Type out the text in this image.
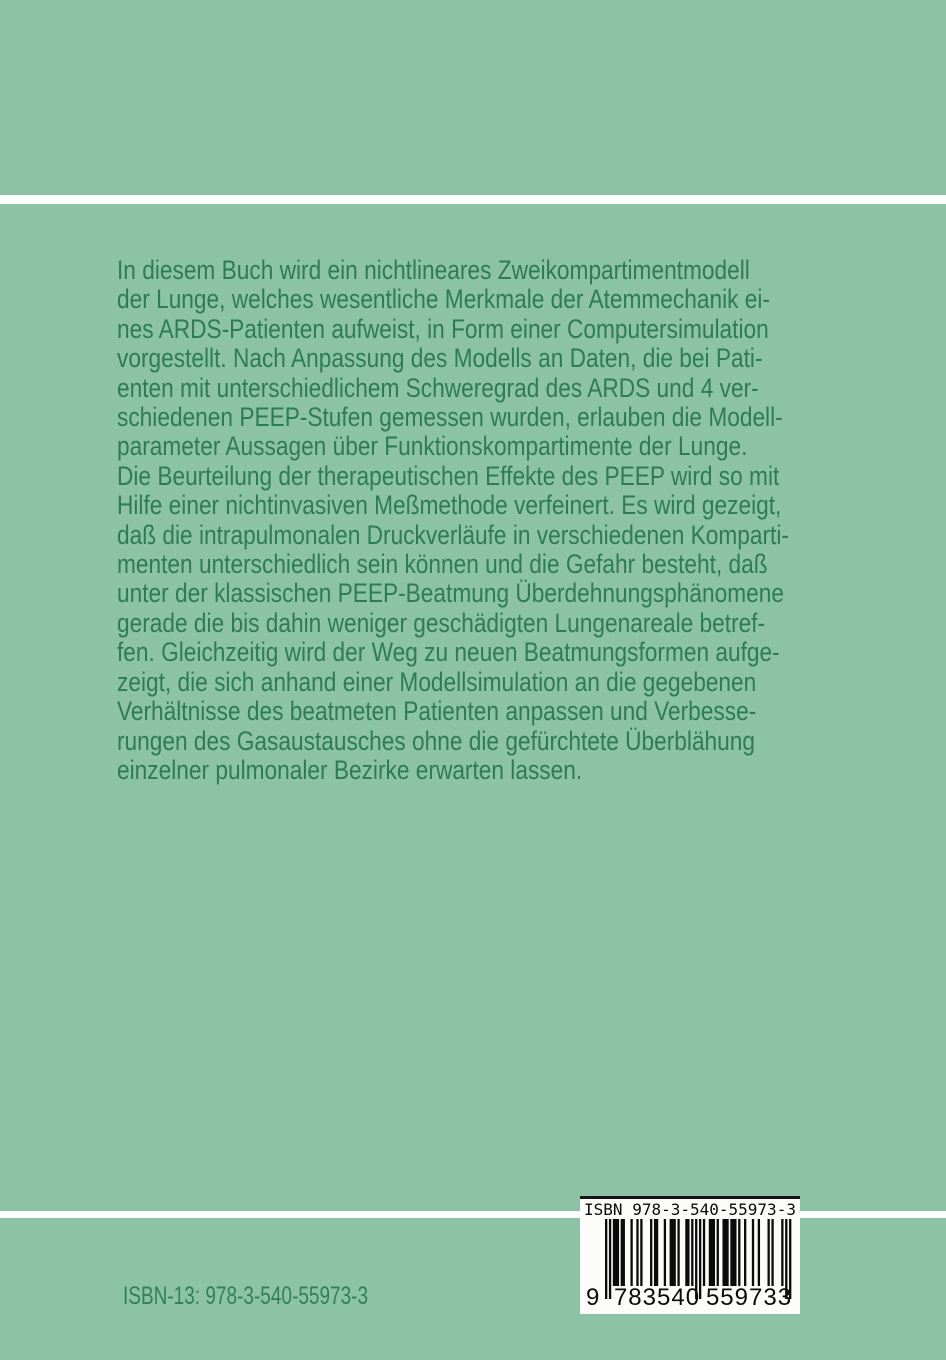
In diesem Buch wird ein nichtlineares Zweikompartimentmodell
der Lunge, welches wesentliche Merkmale der Atemmechanik ei-
nes ARDS-Patienten aufweist, in Form einer Computersimulation
vorgestellt. Nach Anpassung des Modells an Daten, die bei Pati-
enten mit unterschiedlichem Schweregrad des ARDS und 4 ver-
schiedenen PEEP-Stufen gemessen wurden, erlauben die Modell-
parameter Aussagen über Funktionskompartimente der Lunge.
Die Beurteilung der therapeutischen Effekte des PEEP wird so mit
Hilfe einer nichtinvasiven Meßmethode verfeinert. Es wird gezeigt,
daß die intrapulmonalen Druckverläufe in verschiedenen Komparti-
menten unterschiedlich sein können und die Gefahr besteht, daß
unter der klassischen PEEP-Beatmung Überdehnungsphänomene
gerade die bis dahin weniger geschädigten Lungenareale betref-
fen. Gleichzeitig wird der Weg zu neuen Beatmungsformen aufge-
zeigt, die sich anhand einer Modellsimulation an die gegebenen
Verhältnisse des beatmeten Patienten anpassen und Verbesse-
rungen des Gasaustausches ohne die gefürchtete Überblähung
einzelner pulmonaler Bezirke erwarten lassen.
ISBN-13: 978-3-540-55973-3
ISBN 978-3-540-55973-3
9 783540 559733
